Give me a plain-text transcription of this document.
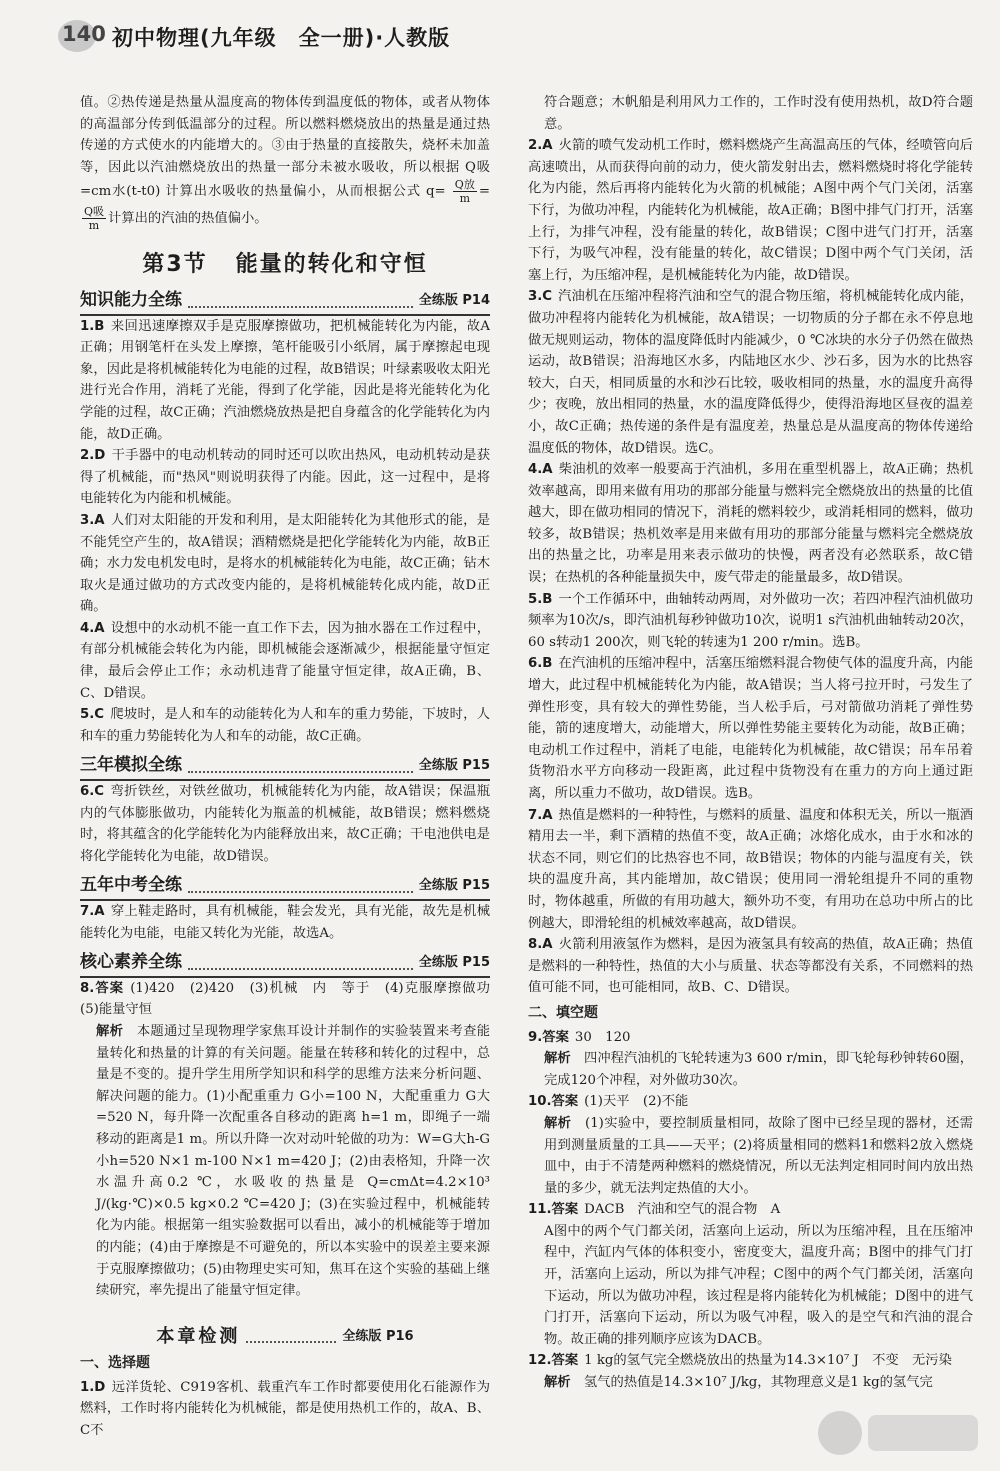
140 初中物理(九年级　全一册)·人教版

值。②热传递是热量从温度高的物体传到温度低的物体，或者从物体的高温部分传到低温部分的过程。所以燃料燃烧放出的热量是通过热传递的方式使水的内能增大的。③由于热量的直接散失，烧杯未加盖等，因此以汽油燃烧放出的热量一部分未被水吸收，所以根据 Q吸=cm水(t-t0) 计算出水吸收的热量偏小，从而根据公式 $q= \frac{\text{Q放}}{m}$ =
$\frac{\text{Q吸}}{m}$ 计算出的汽油的热值偏小。

第3节 能量的转化和守恒
知识能力全练	全练版 P14

1.B 来回迅速摩擦双手是克服摩擦做功，把机械能转化为内能，故A正确；用钢笔杆在头发上摩擦，笔杆能吸引小纸屑，属于摩擦起电现象，因此是将机械能转化为电能的过程，故B错误；叶绿素吸收太阳光进行光合作用，消耗了光能，得到了化学能，因此是将光能转化为化学能的过程，故C正确；汽油燃烧放热是把自身蕴含的化学能转化为内能，故D正确。

2.D 干手器中的电动机转动的同时还可以吹出热风，电动机转动是获得了机械能，而"热风"则说明获得了内能。因此，这一过程中，是将电能转化为内能和机械能。

3.A 人们对太阳能的开发和利用，是太阳能转化为其他形式的能，是不能凭空产生的，故A错误；酒精燃烧是把化学能转化为内能，故B正确；水力发电机发电时，是将水的机械能转化为电能，故C正确；钻木取火是通过做功的方式改变内能的，是将机械能转化成内能，故D正确。

4.A 设想中的水动机不能一直工作下去，因为抽水器在工作过程中，有部分机械能会转化为内能，即机械能会逐渐减少，根据能量守恒定律，最后会停止工作；永动机违背了能量守恒定律，故A正确，B、C、D错误。

5.C 爬坡时，是人和车的动能转化为人和车的重力势能，下坡时，人和车的重力势能转化为人和车的动能，故C正确。

三年模拟全练	全练版 P15

6.C 弯折铁丝，对铁丝做功，机械能转化为内能，故A错误；保温瓶内的气体膨胀做功，内能转化为瓶盖的机械能，故B错误；燃料燃烧时，将其蕴含的化学能转化为内能释放出来，故C正确；干电池供电是将化学能转化为电能，故D错误。

五年中考全练	全练版 P15

7.A 穿上鞋走路时，具有机械能，鞋会发光，具有光能，故先是机械能转化为电能，电能又转化为光能，故选A。

核心素养全练	全练版 P15

8.答案 (1)420　(2)420　(3)机械　内　等于　(4)克服摩擦做功　(5)能量守恒

解析　 本题通过呈现物理学家焦耳设计并制作的实验装置来考查能量转化和热量的计算的有关问题。能量在转移和转化的过程中，总量是不变的。提升学生用所学知识和科学的思维方法来分析问题、解决问题的能力。(1)小配重重力 G小=100 N，大配重重力 G大=520 N，每升降一次配重各自移动的距离 h=1 m，即绳子一端移动的距离是1 m。所以升降一次对动叶轮做的功为：W=G大h-G小h=520 N×1 m-100 N×1 m=420 J；(2)由表格知，升降一次水温升高0.2 ℃，水吸收的热量是 Q=cmΔt=4.2×10³ J/(kg·℃)×0.5 kg×0.2 ℃=420 J；(3)在实验过程中，机械能转化为内能。根据第一组实验数据可以看出，减小的机械能等于增加的内能；(4)由于摩擦是不可避免的，所以本实验中的误差主要来源于克服摩擦做功；(5)由物理史实可知，焦耳在这个实验的基础上继续研究，率先提出了能量守恒定律。

本章检测	全练版 P16
一、选择题

1.D 远洋货轮、C919客机、载重汽车工作时都要使用化石能源作为燃料，工作时将内能转化为机械能，都是使用热机工作的，故A、B、C不

符合题意；木帆船是利用风力工作的，工作时没有使用热机，故D符合题意。

2.A 火箭的喷气发动机工作时，燃料燃烧产生高温高压的气体，经喷管向后高速喷出，从而获得向前的动力，使火箭发射出去，燃料燃烧时将化学能转化为内能，然后再将内能转化为火箭的机械能；A图中两个气门关闭，活塞下行，为做功冲程，内能转化为机械能，故A正确；B图中排气门打开，活塞上行，为排气冲程，没有能量的转化，故B错误；C图中进气门打开，活塞下行，为吸气冲程，没有能量的转化，故C错误；D图中两个气门关闭，活塞上行，为压缩冲程，是机械能转化为内能，故D错误。

3.C 汽油机在压缩冲程将汽油和空气的混合物压缩，将机械能转化成内能，做功冲程将内能转化为机械能，故A错误；一切物质的分子都在永不停息地做无规则运动，物体的温度降低时内能减少，0 ℃冰块的水分子仍然在做热运动，故B错误；沿海地区水多，内陆地区水少、沙石多，因为水的比热容较大，白天，相同质量的水和沙石比较，吸收相同的热量，水的温度升高得少；夜晚，放出相同的热量，水的温度降低得少，使得沿海地区昼夜的温差小，故C正确；热传递的条件是有温度差，热量总是从温度高的物体传递给温度低的物体，故D错误。选C。

4.A 柴油机的效率一般要高于汽油机，多用在重型机器上，故A正确；热机效率越高，即用来做有用功的那部分能量与燃料完全燃烧放出的热量的比值越大，即在做功相同的情况下，消耗的燃料较少，或消耗相同的燃料，做功较多，故B错误；热机效率是用来做有用功的那部分能量与燃料完全燃烧放出的热量之比，功率是用来表示做功的快慢，两者没有必然联系，故C错误；在热机的各种能量损失中，废气带走的能量最多，故D错误。

5.B 一个工作循环中，曲轴转动两周，对外做功一次；若四冲程汽油机做功频率为10次/s，即汽油机每秒钟做功10次，说明1 s汽油机曲轴转动20次，60 s转动1 200次，则飞轮的转速为1 200 r/min。选B。

6.B 在汽油机的压缩冲程中，活塞压缩燃料混合物使气体的温度升高，内能增大，此过程中机械能转化为内能，故A错误；当人将弓拉开时，弓发生了弹性形变，具有较大的弹性势能，当人松手后，弓对箭做功消耗了弹性势能，箭的速度增大，动能增大，所以弹性势能主要转化为动能，故B正确；电动机工作过程中，消耗了电能，电能转化为机械能，故C错误；吊车吊着货物沿水平方向移动一段距离，此过程中货物没有在重力的方向上通过距离，所以重力不做功，故D错误。选B。

7.A 热值是燃料的一种特性，与燃料的质量、温度和体积无关，所以一瓶酒精用去一半，剩下酒精的热值不变，故A正确；冰熔化成水，由于水和冰的状态不同，则它们的比热容也不同，故B错误；物体的内能与温度有关，铁块的温度升高，其内能增加，故C错误；使用同一滑轮组提升不同的重物时，物体越重，所做的有用功越大，额外功不变，有用功在总功中所占的比例越大，即滑轮组的机械效率越高，故D错误。

8.A 火箭利用液氢作为燃料，是因为液氢具有较高的热值，故A正确；热值是燃料的一种特性，热值的大小与质量、状态等都没有关系，不同燃料的热值可能不同，也可能相同，故B、C、D错误。

二、填空题

9.答案 30　120

解析　 四冲程汽油机的飞轮转速为3 600 r/min，即飞轮每秒钟转60圈，完成120个冲程，对外做功30次。

10.答案 (1)天平　(2)不能

解析　 (1)实验中，要控制质量相同，故除了图中已经呈现的器材，还需用到测量质量的工具——天平；(2)将质量相同的燃料1和燃料2放入燃烧皿中，由于不清楚两种燃料的燃烧情况，所以无法判定相同时间内放出热量的多少，就无法判定热值的大小。

11.答案 DACB　汽油和空气的混合物　A

A图中的两个气门都关闭，活塞向上运动，所以为压缩冲程，且在压缩冲程中，汽缸内气体的体积变小，密度变大，温度升高；B图中的排气门打开，活塞向上运动，所以为排气冲程；C图中的两个气门都关闭，活塞向下运动，所以为做功冲程，该过程是将内能转化为机械能；D图中的进气门打开，活塞向下运动，所以为吸气冲程，吸入的是空气和汽油的混合物。故正确的排列顺序应该为DACB。

12.答案 1 kg的氢气完全燃烧放出的热量为14.3×10⁷ J　不变　无污染

解析　 氢气的热值是14.3×10⁷ J/kg，其物理意义是1 kg的氢气完
